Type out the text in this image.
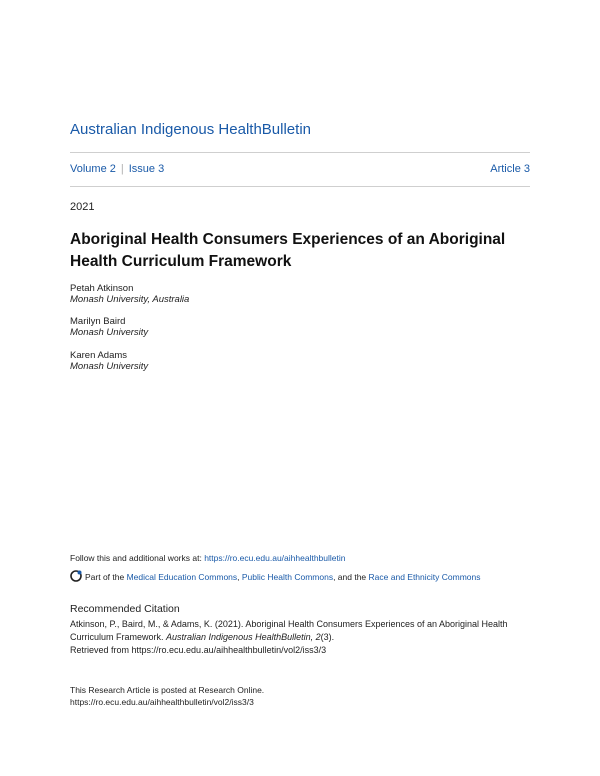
Australian Indigenous HealthBulletin
Volume 2 | Issue 3	Article 3
2021
Aboriginal Health Consumers Experiences of an Aboriginal Health Curriculum Framework
Petah Atkinson
Monash University, Australia
Marilyn Baird
Monash University
Karen Adams
Monash University
Follow this and additional works at: https://ro.ecu.edu.au/aihhealthbulletin
Part of the Medical Education Commons, Public Health Commons, and the Race and Ethnicity Commons
Recommended Citation
Atkinson, P., Baird, M., & Adams, K. (2021). Aboriginal Health Consumers Experiences of an Aboriginal Health Curriculum Framework. Australian Indigenous HealthBulletin, 2(3).
Retrieved from https://ro.ecu.edu.au/aihhealthbulletin/vol2/iss3/3
This Research Article is posted at Research Online.
https://ro.ecu.edu.au/aihhealthbulletin/vol2/iss3/3
